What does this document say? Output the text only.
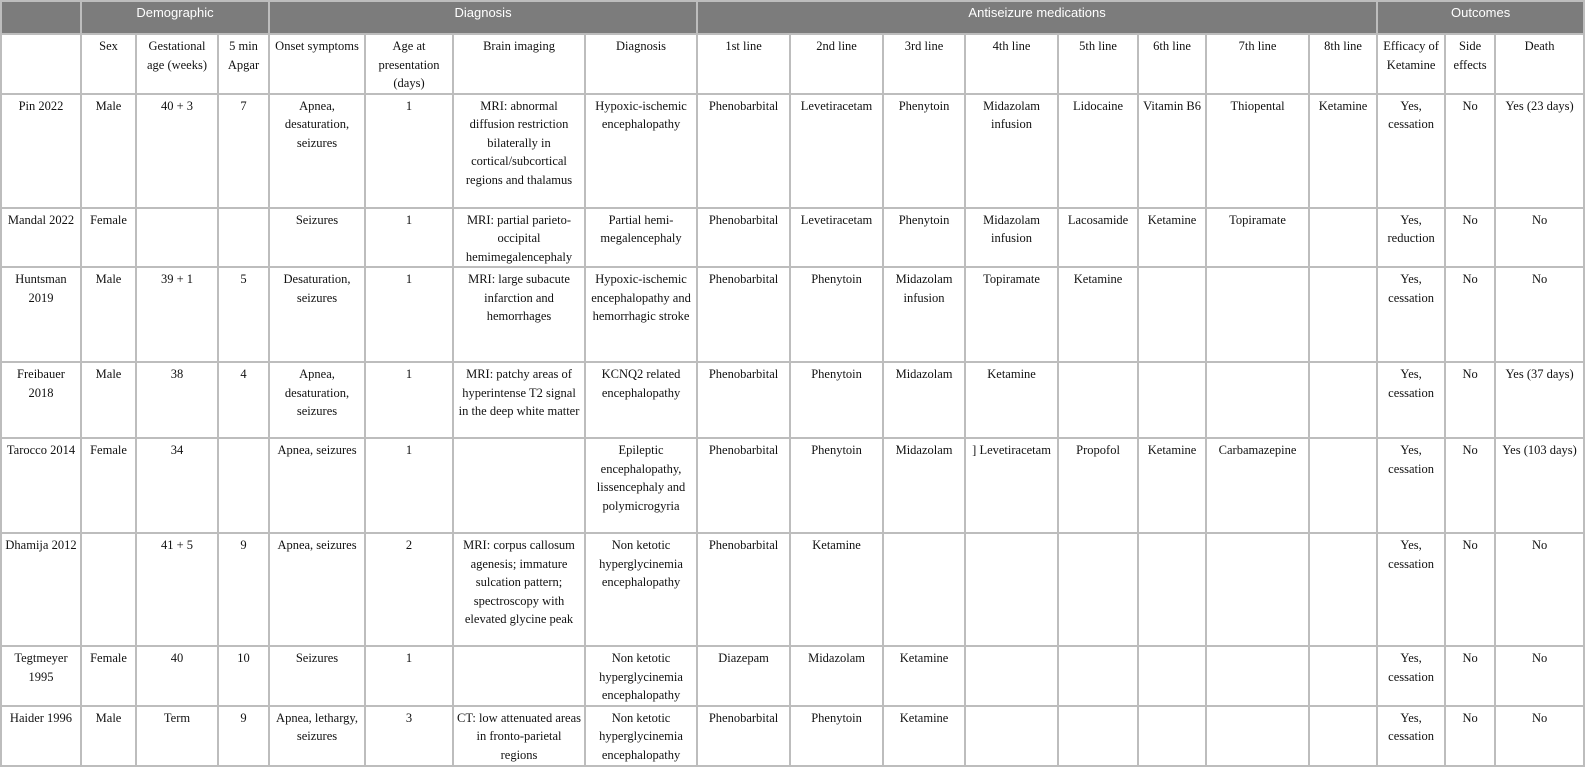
	Demographic			Diagnosis				Antiseizure medications								Outcomes		
	Sex	Gestational age (weeks)	5 min Apgar	Onset symptoms	Age at presentation (days)	Brain imaging	Diagnosis	1st line	2nd line	3rd line	4th line	5th line	6th line	7th line	8th line	Efficacy of Ketamine	Side effects	Death
Pin 2022	Male	40 + 3	7	Apnea, desaturation, seizures	1	MRI: abnormal diffusion restriction bilaterally in cortical/subcortical regions and thalamus	Hypoxic-ischemic encephalopathy	Phenobarbital	Levetiracetam	Phenytoin	Midazolam infusion	Lidocaine	Vitamin B6	Thiopental	Ketamine	Yes, cessation	No	Yes (23 days)
Mandal 2022	Female			Seizures	1	MRI: partial parieto-occipital hemimegalencephaly	Partial hemi-megalencephaly	Phenobarbital	Levetiracetam	Phenytoin	Midazolam infusion	Lacosamide	Ketamine	Topiramate		Yes, reduction	No	No
Huntsman 2019	Male	39 + 1	5	Desaturation, seizures	1	MRI: large subacute infarction and hemorrhages	Hypoxic-ischemic encephalopathy and hemorrhagic stroke	Phenobarbital	Phenytoin	Midazolam infusion	Topiramate	Ketamine				Yes, cessation	No	No
Freibauer 2018	Male	38	4	Apnea, desaturation, seizures	1	MRI: patchy areas of hyperintense T2 signal in the deep white matter	KCNQ2 related encephalopathy	Phenobarbital	Phenytoin	Midazolam	Ketamine					Yes, cessation	No	Yes (37 days)
Tarocco 2014	Female	34		Apnea, seizures	1		Epileptic encephalopathy, lissencephaly and polymicrogyria	Phenobarbital	Phenytoin	Midazolam	] Levetiracetam	Propofol	Ketamine	Carbamazepine		Yes, cessation	No	Yes (103 days)
Dhamija 2012		41 + 5	9	Apnea, seizures	2	MRI: corpus callosum agenesis; immature sulcation pattern; spectroscopy with elevated glycine peak	Non ketotic hyperglycinemia encephalopathy	Phenobarbital	Ketamine							Yes, cessation	No	No
Tegtmeyer 1995	Female	40	10	Seizures	1		Non ketotic hyperglycinemia encephalopathy	Diazepam	Midazolam	Ketamine						Yes, cessation	No	No
Haider 1996	Male	Term	9	Apnea, lethargy, seizures	3	CT: low attenuated areas in fronto-parietal regions	Non ketotic hyperglycinemia encephalopathy	Phenobarbital	Phenytoin	Ketamine						Yes, cessation	No	No
